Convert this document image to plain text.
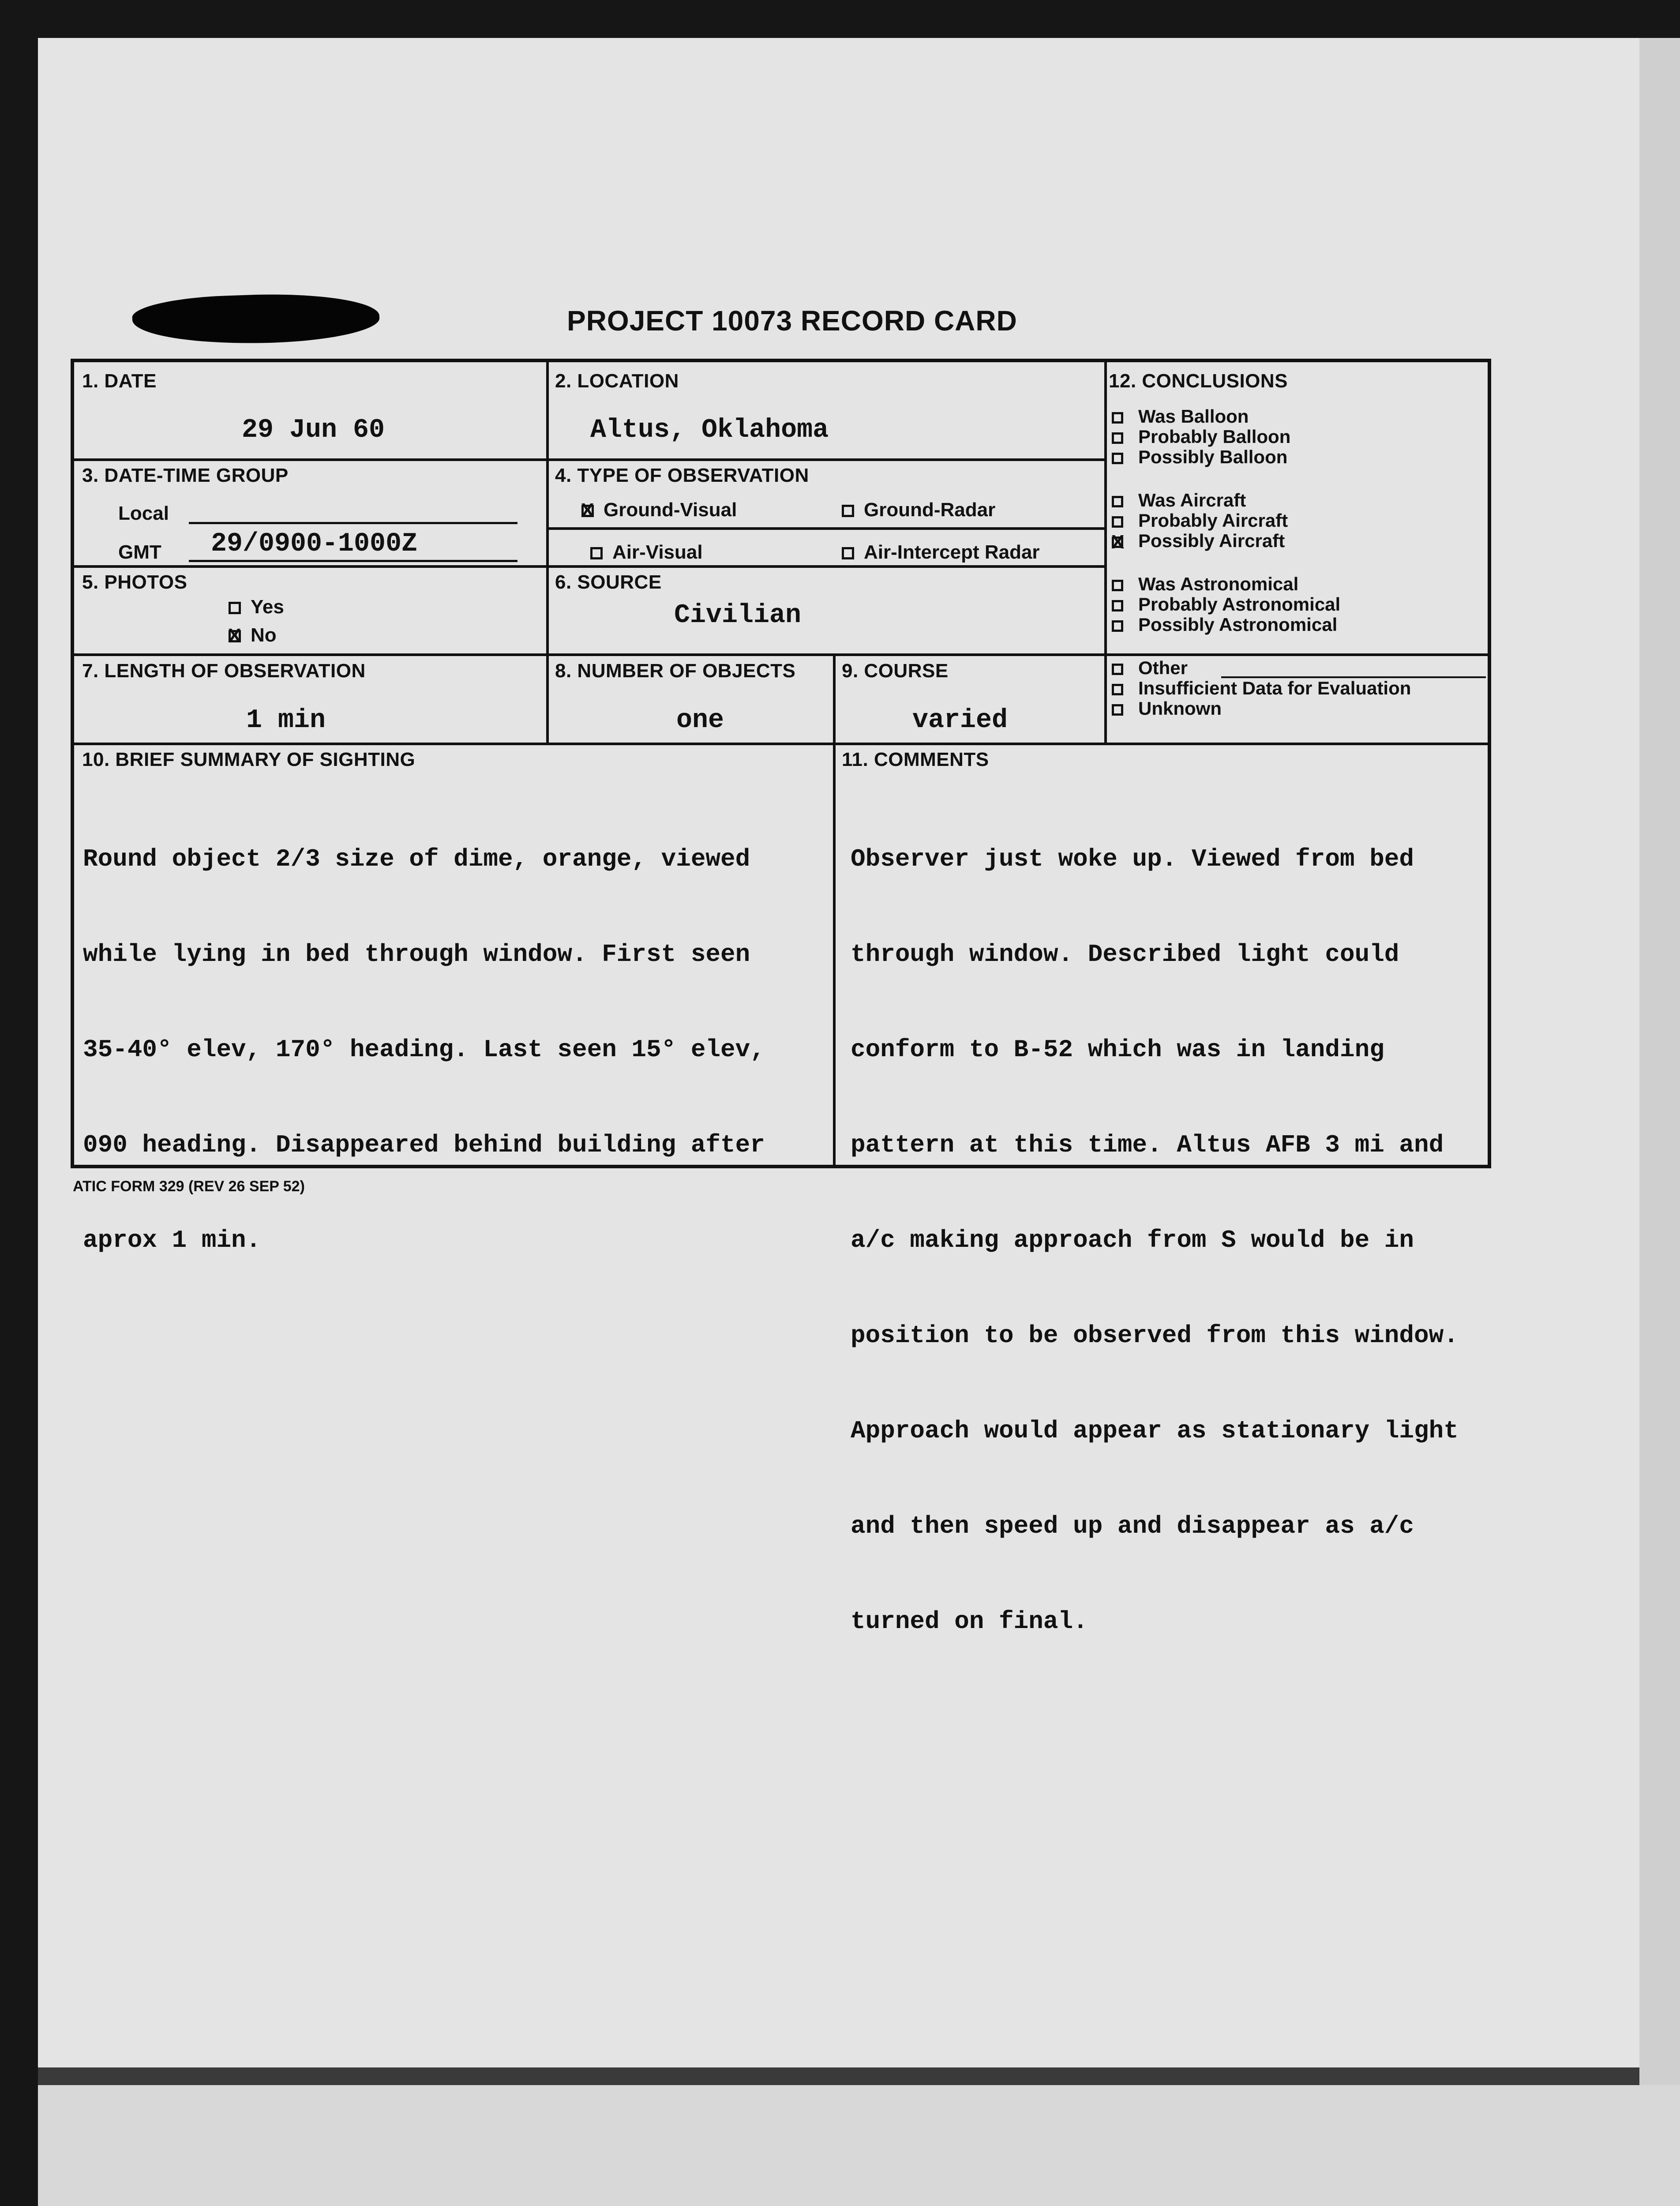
PROJECT 10073 RECORD CARD
1. DATE
29 Jun 60
2. LOCATION
Altus, Oklahoma
3. DATE-TIME GROUP
Local
GMT 29/0900-1000Z
4. TYPE OF OBSERVATION
XGround-Visual	Ground-Radar
Air-Visual	Air-Intercept Radar
5. PHOTOS
Yes
XNo
6. SOURCE
Civilian
7. LENGTH OF OBSERVATION
1 min
8. NUMBER OF OBJECTS
one
9. COURSE
varied
12. CONCLUSIONS
Was Balloon
Probably Balloon
Possibly Balloon
Was Aircraft
Probably Aircraft
XPossibly Aircraft
Was Astronomical
Probably Astronomical
Possibly Astronomical
Other
Insufficient Data for Evaluation
Unknown
10. BRIEF SUMMARY OF SIGHTING

Round object 2/3 size of dime, orange, viewed

while lying in bed through window. First seen

35-40° elev, 170° heading. Last seen 15° elev,

090 heading. Disappeared behind building after

aprox 1 min.

11. COMMENTS

Observer just woke up. Viewed from bed

through window. Described light could

conform to B-52 which was in landing

pattern at this time. Altus AFB 3 mi and

a/c making approach from S would be in

position to be observed from this window.

Approach would appear as stationary light

and then speed up and disappear as a/c

turned on final.

ATIC FORM 329 (REV 26 SEP 52)
